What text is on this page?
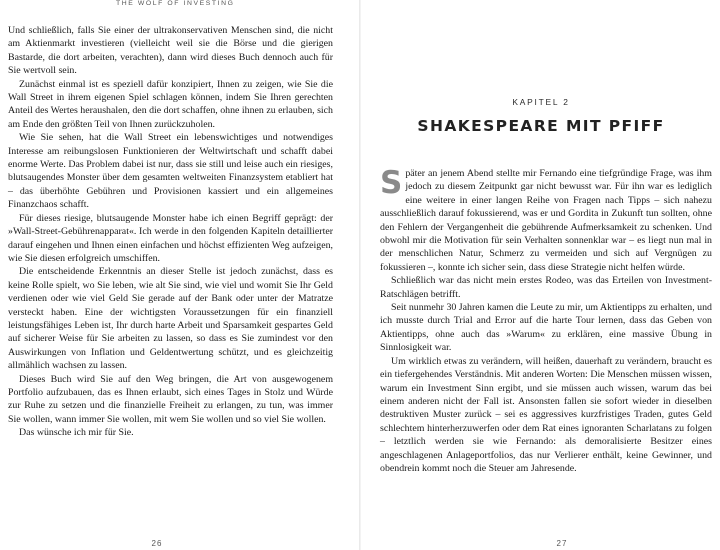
THE WOLF OF INVESTING

Und schließlich, falls Sie einer der ultrakonservativen Menschen sind, die nicht am Aktienmarkt investieren (vielleicht weil sie die Börse und die gierigen Bastarde, die dort arbeiten, verachten), dann wird dieses Buch dennoch auch für Sie wertvoll sein.

Zunächst einmal ist es speziell dafür konzipiert, Ihnen zu zeigen, wie Sie die Wall Street in ihrem eigenen Spiel schlagen können, indem Sie Ihren gerechten Anteil des Wertes heraushalen, den die dort schaffen, ohne ihnen zu erlauben, sich am Ende den größten Teil von Ihnen zurückzuholen.

Wie Sie sehen, hat die Wall Street ein lebenswichtiges und notwendiges Interesse am reibungslosen Funktionieren der Weltwirtschaft und schafft dabei enorme Werte. Das Problem dabei ist nur, dass sie still und leise auch ein riesiges, blutsaugendes Monster über dem gesamten weltweiten Finanzsystem etabliert hat – das überhöhte Gebühren und Provisionen kassiert und ein allgemeines Finanzchaos schafft.

Für dieses riesige, blutsaugende Monster habe ich einen Begriff geprägt: der »Wall-Street-Gebührenapparat«. Ich werde in den folgenden Kapiteln detaillierter darauf eingehen und Ihnen einen einfachen und höchst effizienten Weg aufzeigen, wie Sie diesen erfolgreich umschiffen.

Die entscheidende Erkenntnis an dieser Stelle ist jedoch zunächst, dass es keine Rolle spielt, wo Sie leben, wie alt Sie sind, wie viel und womit Sie Ihr Geld verdienen oder wie viel Geld Sie gerade auf der Bank oder unter der Matratze versteckt haben. Eine der wichtigsten Voraussetzungen für ein finanziell leistungsfähiges Leben ist, Ihr durch harte Arbeit und Sparsamkeit gespartes Geld auf sicherer Weise für Sie arbeiten zu lassen, so dass es Sie zumindest vor den Auswirkungen von Inflation und Geldentwertung schützt, und es gleichzeitig allmählich wachsen zu lassen.

Dieses Buch wird Sie auf den Weg bringen, die Art von ausgewogenem Portfolio aufzubauen, das es Ihnen erlaubt, sich eines Tages in Stolz und Würde zur Ruhe zu setzen und die finanzielle Freiheit zu erlangen, zu tun, was immer Sie wollen, wann immer Sie wollen, mit wem Sie wollen und so viel Sie wollen.

Das wünsche ich mir für Sie.

26
KAPITEL 2
SHAKESPEARE MIT PFIFF

Später an jenem Abend stellte mir Fernando eine tiefgründige Frage, was ihm jedoch zu diesem Zeitpunkt gar nicht bewusst war. Für ihn war es lediglich eine weitere in einer langen Reihe von Fragen nach Tipps – sich nahezu ausschließlich darauf fokussierend, was er und Gordita in Zukunft tun sollten, ohne den Fehlern der Vergangenheit die gebührende Aufmerksamkeit zu schenken. Und obwohl mir die Motivation für sein Verhalten sonnenklar war – es liegt nun mal in der menschlichen Natur, Schmerz zu vermeiden und sich auf Vergnügen zu fokussieren –, konnte ich sicher sein, dass diese Strategie nicht helfen würde.

Schließlich war das nicht mein erstes Rodeo, was das Erteilen von Investment-Ratschlägen betrifft.

Seit nunmehr 30 Jahren kamen die Leute zu mir, um Aktientipps zu erhalten, und ich musste durch Trial and Error auf die harte Tour lernen, dass das Geben von Aktientipps, ohne auch das »Warum« zu erklären, eine massive Übung in Sinnlosigkeit war.

Um wirklich etwas zu verändern, will heißen, dauerhaft zu verändern, braucht es ein tiefergehendes Verständnis. Mit anderen Worten: Die Menschen müssen wissen, warum ein Investment Sinn ergibt, und sie müssen auch wissen, warum das bei einem anderen nicht der Fall ist. Ansonsten fallen sie sofort wieder in dieselben destruktiven Muster zurück – sei es aggressives kurzfristiges Traden, gutes Geld schlechtem hinterherzuwerfen oder dem Rat eines ignoranten Scharlatans zu folgen – letztlich werden sie wie Fernando: als demoralisierte Besitzer eines angeschlagenen Anlageportfolios, das nur Verlierer enthält, keine Gewinner, und obendrein kommt noch die Steuer am Jahresende.

27
